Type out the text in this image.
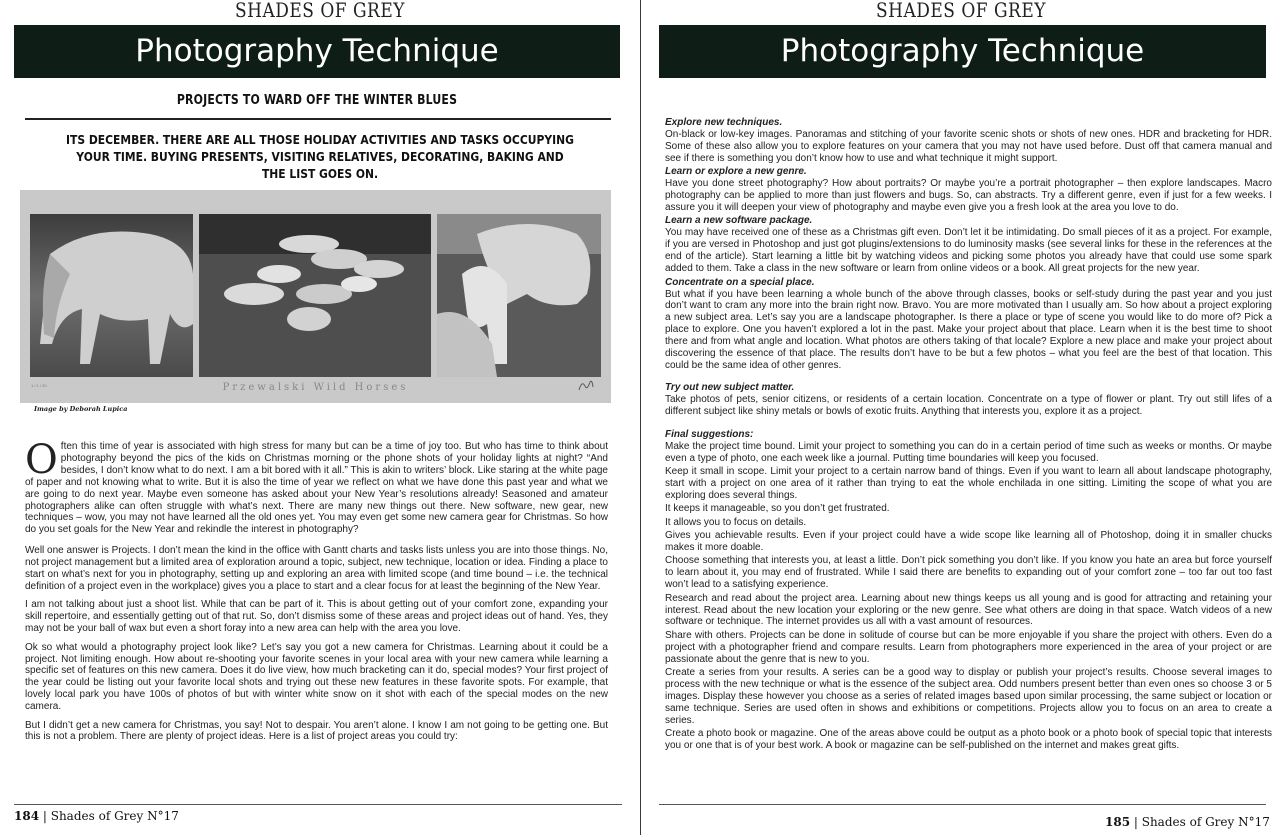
SHADES OF GREY
Photography Technique
PROJECTS TO WARD OFF THE WINTER BLUES
ITS DECEMBER. THERE ARE ALL THOSE HOLIDAY ACTIVITIES AND TASKS OCCUPYING YOUR TIME. BUYING PRESENTS, VISITING RELATIVES, DECORATING, BAKING AND THE LIST GOES ON.
1 / 1 / 20	Przewalski Wild Horses
Image by Deborah Lupica

Often this time of year is associated with high stress for many but can be a time of joy too. But who has time to think about photography beyond the pics of the kids on Christmas morning or the phone shots of your holiday lights at night? “And besides, I don’t know what to do next. I am a bit bored with it all.” This is akin to writers’ block. Like staring at the white page of paper and not knowing what to write. But it is also the time of year we reflect on what we have done this past year and what we are going to do next year. Maybe even someone has asked about your New Year’s resolutions already! Seasoned and amateur photographers alike can often struggle with what’s next. There are many new things out there. New software, new gear, new techniques – wow, you may not have learned all the old ones yet. You may even get some new camera gear for Christmas. So how do you set goals for the New Year and rekindle the interest in photography?

Well one answer is Projects. I don’t mean the kind in the office with Gantt charts and tasks lists unless you are into those things. No, not project management but a limited area of exploration around a topic, subject, new technique, location or idea. Finding a place to start on what’s next for you in photography, setting up and exploring an area with limited scope (and time bound – i.e. the technical definition of a project even in the workplace) gives you a place to start and a clear focus for at least the beginning of the New Year.

I am not talking about just a shoot list. While that can be part of it. This is about getting out of your comfort zone, expanding your skill repertoire, and essentially getting out of that rut. So, don’t dismiss some of these areas and project ideas out of hand. Yes, they may not be your ball of wax but even a short foray into a new area can help with the area you love.

Ok so what would a photography project look like? Let’s say you got a new camera for Christmas. Learning about it could be a project. Not limiting enough. How about re-shooting your favorite scenes in your local area with your new camera while learning a specific set of features on this new camera. Does it do live view, how much bracketing can it do, special modes? Your first project of the year could be listing out your favorite local shots and trying out these new features in these favorite spots. For example, that lovely local park you have 100s of photos of but with winter white snow on it shot with each of the special modes on the new camera.

But I didn’t get a new camera for Christmas, you say! Not to despair. You aren’t alone. I know I am not going to be getting one. But this is not a problem. There are plenty of project ideas. Here is a list of project areas you could try:

184 | Shades of Grey N°17
SHADES OF GREY
Photography Technique
Explore new techniques.

On-black or low-key images. Panoramas and stitching of your favorite scenic shots or shots of new ones. HDR and bracketing for HDR. Some of these also allow you to explore features on your camera that you may not have used before. Dust off that camera manual and see if there is something you don’t know how to use and what technique it might support.

Learn or explore a new genre.

Have you done street photography? How about portraits? Or maybe you’re a portrait photographer – then explore landscapes. Macro photography can be applied to more than just flowers and bugs. So, can abstracts. Try a different genre, even if just for a few weeks. I assure you it will deepen your view of photography and maybe even give you a fresh look at the area you love to do.

Learn a new software package.

You may have received one of these as a Christmas gift even. Don’t let it be intimidating. Do small pieces of it as a project. For example, if you are versed in Photoshop and just got plugins/extensions to do luminosity masks (see several links for these in the references at the end of the article). Start learning a little bit by watching videos and picking some photos you already have that could use some spark added to them. Take a class in the new software or learn from online videos or a book. All great projects for the new year.

Concentrate on a special place.

But what if you have been learning a whole bunch of the above through classes, books or self-study during the past year and you just don’t want to cram any more into the brain right now. Bravo. You are more motivated than I usually am. So how about a project exploring a new subject area. Let’s say you are a landscape photographer. Is there a place or type of scene you would like to do more of? Pick a place to explore. One you haven’t explored a lot in the past. Make your project about that place. Learn when it is the best time to shoot there and from what angle and location. What photos are others taking of that locale? Explore a new place and make your project about discovering the essence of that place. The results don’t have to be but a few photos – what you feel are the best of that location. This could be the same idea of other genres.

Try out new subject matter.

Take photos of pets, senior citizens, or residents of a certain location. Concentrate on a type of flower or plant. Try out still lifes of a different subject like shiny metals or bowls of exotic fruits. Anything that interests you, explore it as a project.

Final suggestions:

Make the project time bound. Limit your project to something you can do in a certain period of time such as weeks or months. Or maybe even a type of photo, one each week like a journal. Putting time boundaries will keep you focused.

Keep it small in scope. Limit your project to a certain narrow band of things. Even if you want to learn all about landscape photography, start with a project on one area of it rather than trying to eat the whole enchilada in one sitting. Limiting the scope of what you are exploring does several things.

It keeps it manageable, so you don’t get frustrated.

It allows you to focus on details.

Gives you achievable results. Even if your project could have a wide scope like learning all of Photoshop, doing it in smaller chucks makes it more doable.

Choose something that interests you, at least a little. Don’t pick something you don’t like. If you know you hate an area but force yourself to learn about it, you may end of frustrated. While I said there are benefits to expanding out of your comfort zone – too far out too fast won’t lead to a satisfying experience.

Research and read about the project area. Learning about new things keeps us all young and is good for attracting and retaining your interest. Read about the new location your exploring or the new genre. See what others are doing in that space. Watch videos of a new software or technique. The internet provides us all with a vast amount of resources.

Share with others. Projects can be done in solitude of course but can be more enjoyable if you share the project with others. Even do a project with a photographer friend and compare results. Learn from photographers more experienced in the area of your project or are passionate about the genre that is new to you.

Create a series from your results. A series can be a good way to display or publish your project’s results. Choose several images to process with the new technique or what is the essence of the subject area. Odd numbers present better than even ones so choose 3 or 5 images. Display these however you choose as a series of related images based upon similar processing, the same subject or location or same technique. Series are used often in shows and exhibitions or competitions. Projects allow you to focus on an area to create a series.

Create a photo book or magazine. One of the areas above could be output as a photo book or a photo book of special topic that interests you or one that is of your best work. A book or magazine can be self-published on the internet and makes great gifts.

185 | Shades of Grey N°17
